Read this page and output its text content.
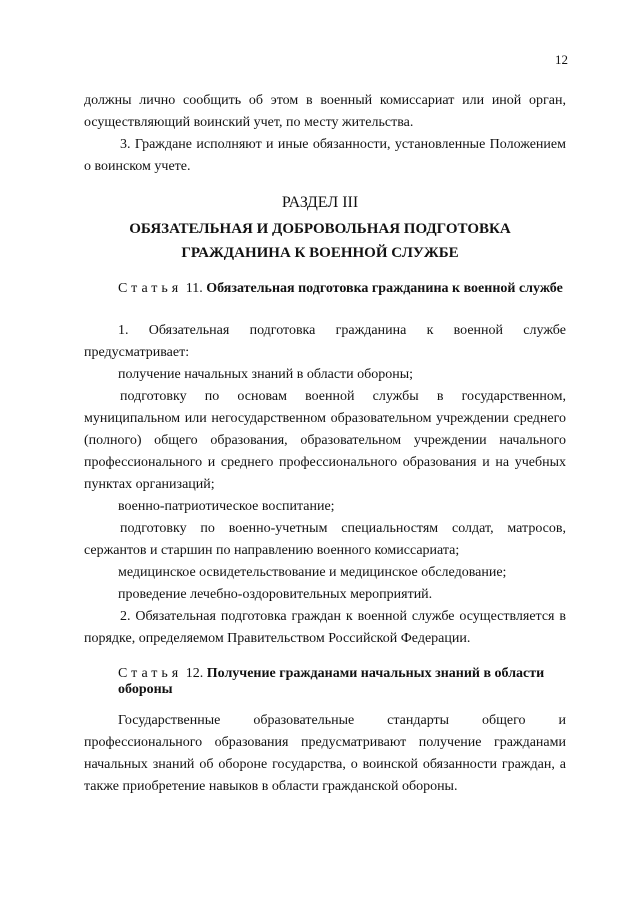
12

должны лично сообщить об этом в военный комиссариат или иной орган, осуществляющий воинский учет, по месту жительства.

3. Граждане исполняют и иные обязанности, установленные Положением о воинском учете.

РАЗДЕЛ III

ОБЯЗАТЕЛЬНАЯ И ДОБРОВОЛЬНАЯ ПОДГОТОВКА

ГРАЖДАНИНА К ВОЕННОЙ СЛУЖБЕ

Статья 11. Обязательная подготовка гражданина к военной службе

1. Обязательная подготовка гражданина к военной службе

предусматривает:

получение начальных знаний в области обороны;

подготовку по основам военной службы в государственном, муниципальном или негосударственном образовательном учреждении среднего (полного) общего образования, образовательном учреждении начального профессионального и среднего профессионального образования и на учебных пунктах организаций;

военно-патриотическое воспитание;

подготовку по военно-учетным специальностям солдат, матросов, сержантов и старшин по направлению военного комиссариата;

медицинское освидетельствование и медицинское обследование;

проведение лечебно-оздоровительных мероприятий.

2. Обязательная подготовка граждан к военной службе осуществляется в порядке, определяемом Правительством Российской Федерации.

Статья 12. Получение гражданами начальных знаний в области обороны

Государственные образовательные стандарты общего и

профессионального образования предусматривают получение гражданами начальных знаний об обороне государства, о воинской обязанности граждан, а также приобретение навыков в области гражданской обороны.
